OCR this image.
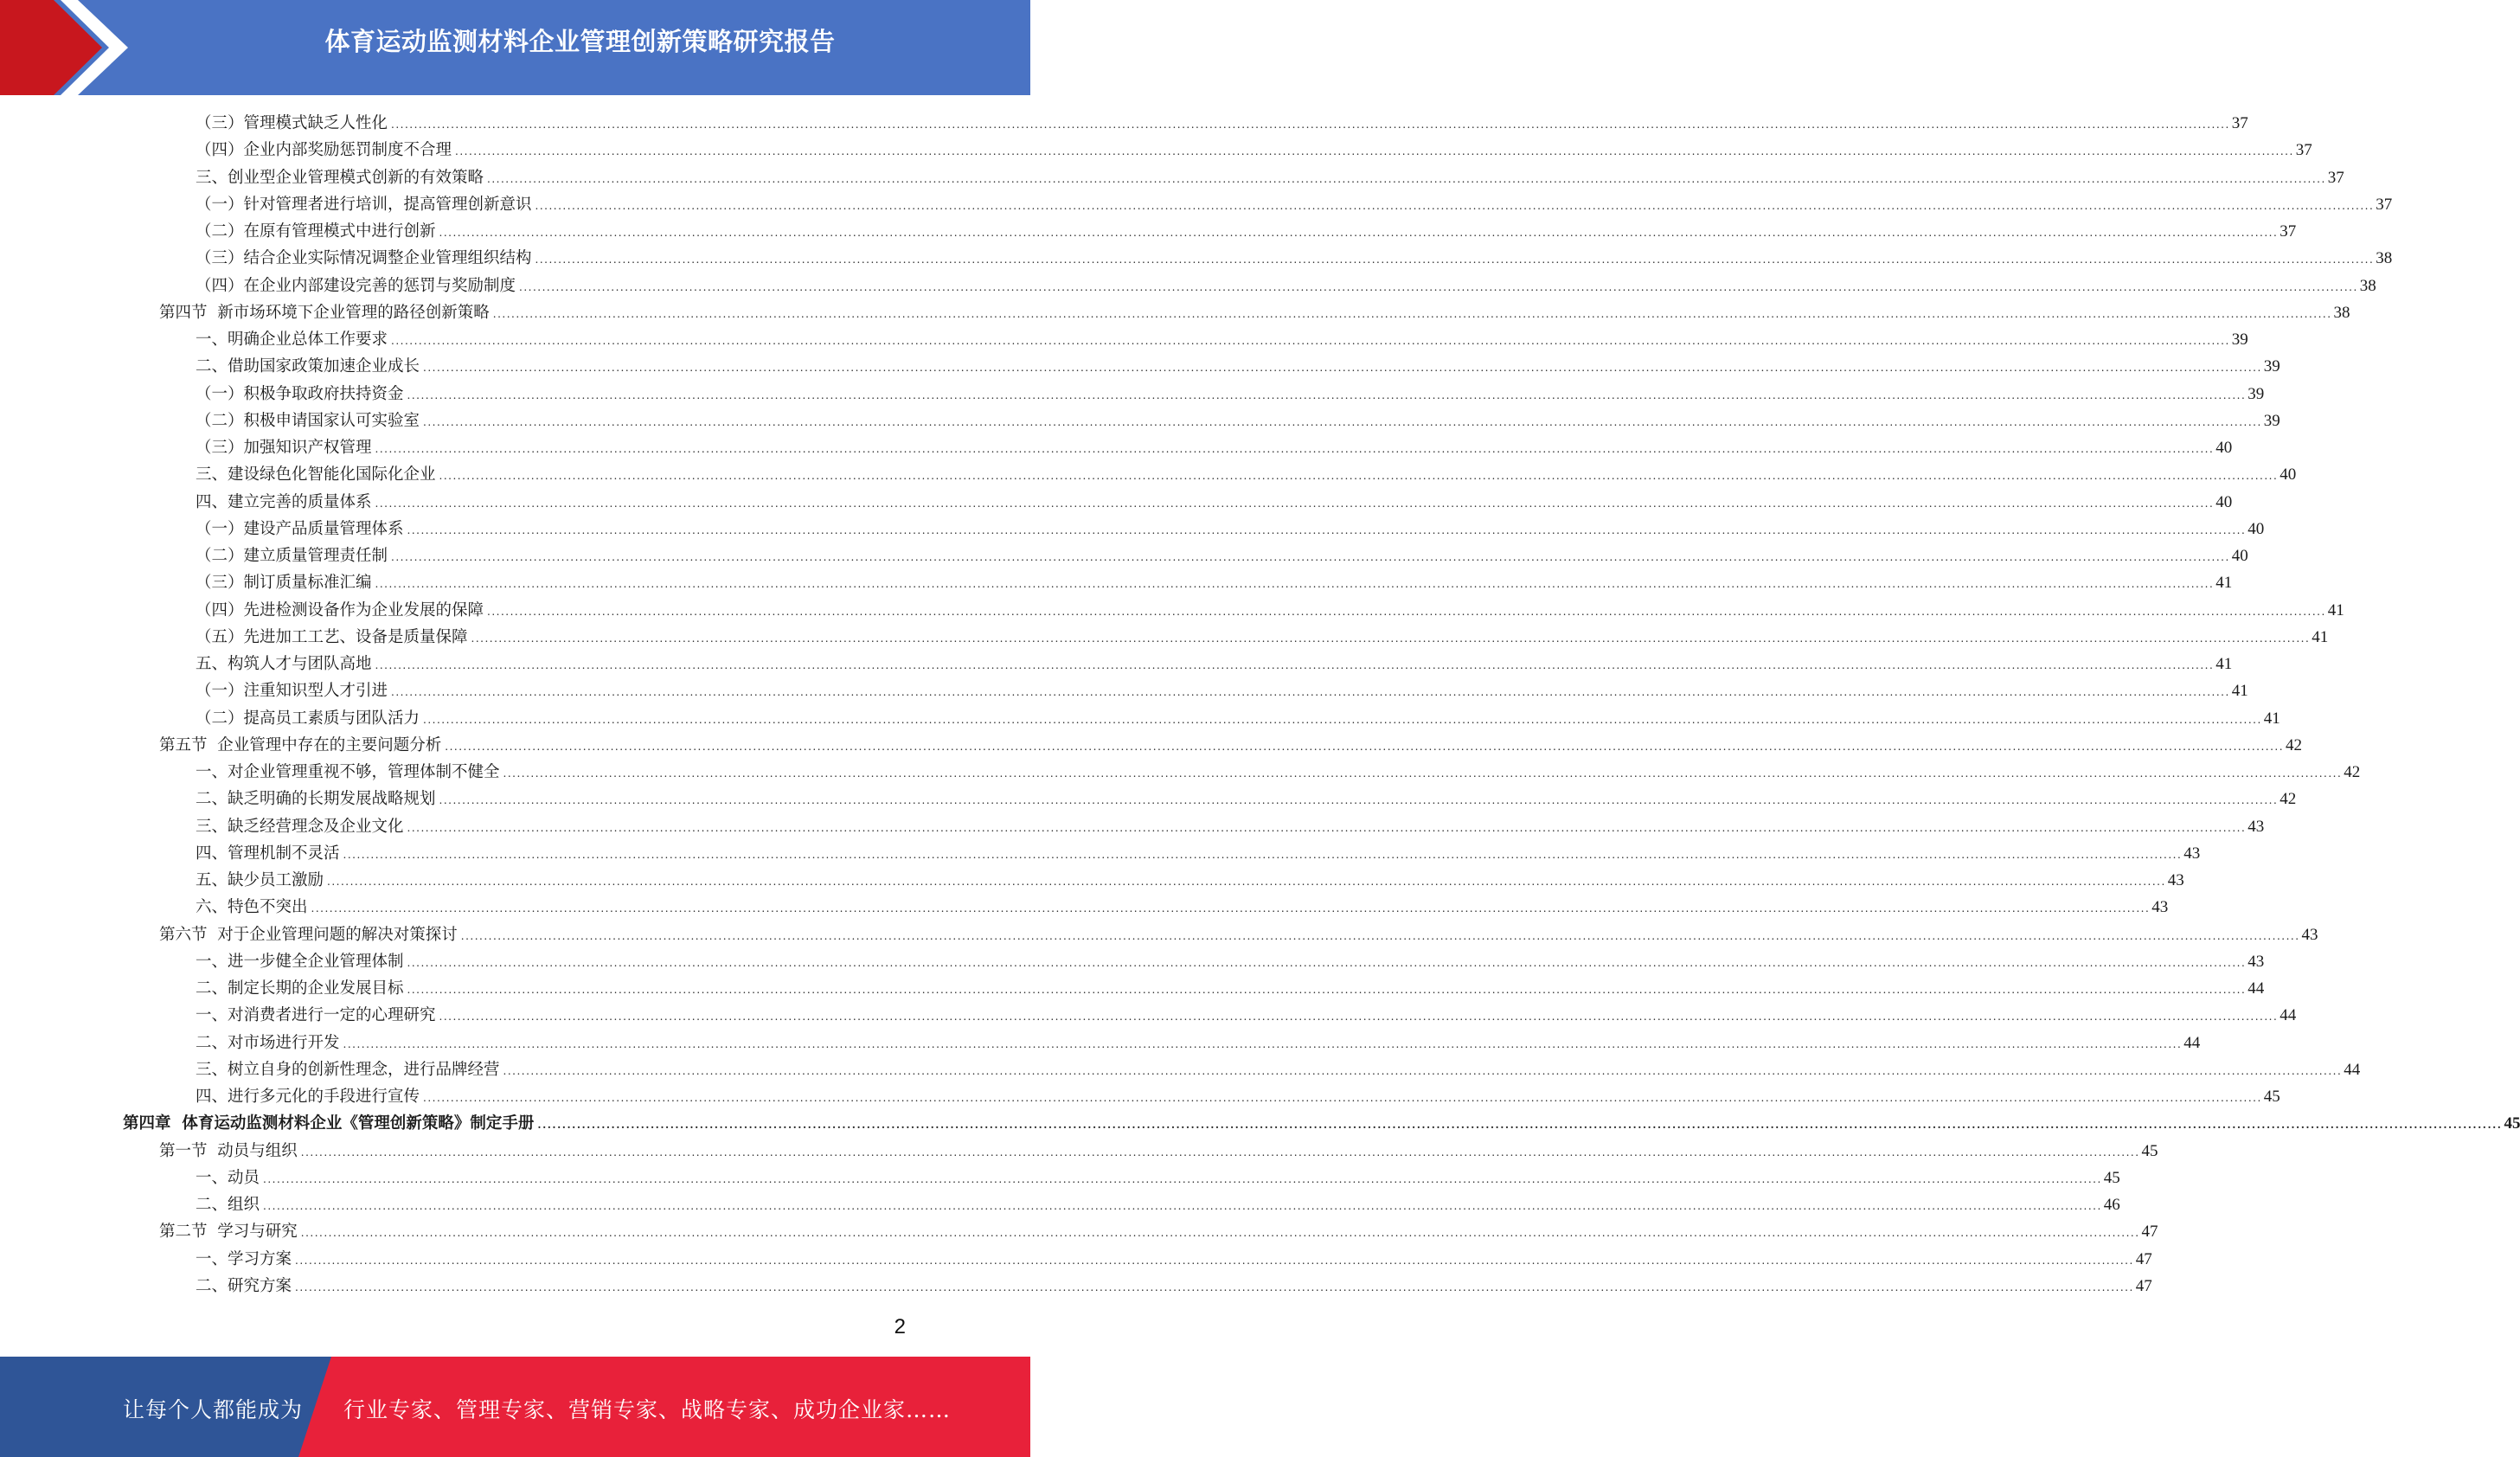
体育运动监测材料企业管理创新策略研究报告
（三）管理模式缺乏人性化 ................................................................................................................................................................................................................................................................................................................................................................................................................ 37
（四）企业内部奖励惩罚制度不合理 ................................................................................................................................................................................................................................................................................................................................................................................................................ 37
三、创业型企业管理模式创新的有效策略 ................................................................................................................................................................................................................................................................................................................................................................................................................ 37
（一）针对管理者进行培训，提高管理创新意识 ................................................................................................................................................................................................................................................................................................................................................................................................................ 37
（二）在原有管理模式中进行创新 ................................................................................................................................................................................................................................................................................................................................................................................................................ 37
（三）结合企业实际情况调整企业管理组织结构 ................................................................................................................................................................................................................................................................................................................................................................................................................ 38
（四）在企业内部建设完善的惩罚与奖励制度 ................................................................................................................................................................................................................................................................................................................................................................................................................ 38
第四节  新市场环境下企业管理的路径创新策略 ................................................................................................................................................................................................................................................................................................................................................................................................................ 38
一、明确企业总体工作要求 ................................................................................................................................................................................................................................................................................................................................................................................................................ 39
二、借助国家政策加速企业成长 ................................................................................................................................................................................................................................................................................................................................................................................................................ 39
（一）积极争取政府扶持资金 ................................................................................................................................................................................................................................................................................................................................................................................................................ 39
（二）积极申请国家认可实验室 ................................................................................................................................................................................................................................................................................................................................................................................................................ 39
（三）加强知识产权管理 ................................................................................................................................................................................................................................................................................................................................................................................................................ 40
三、建设绿色化智能化国际化企业 ................................................................................................................................................................................................................................................................................................................................................................................................................ 40
四、建立完善的质量体系 ................................................................................................................................................................................................................................................................................................................................................................................................................ 40
（一）建设产品质量管理体系 ................................................................................................................................................................................................................................................................................................................................................................................................................ 40
（二）建立质量管理责任制 ................................................................................................................................................................................................................................................................................................................................................................................................................ 40
（三）制订质量标准汇编 ................................................................................................................................................................................................................................................................................................................................................................................................................ 41
（四）先进检测设备作为企业发展的保障 ................................................................................................................................................................................................................................................................................................................................................................................................................ 41
（五）先进加工工艺、设备是质量保障 ................................................................................................................................................................................................................................................................................................................................................................................................................ 41
五、构筑人才与团队高地 ................................................................................................................................................................................................................................................................................................................................................................................................................ 41
（一）注重知识型人才引进 ................................................................................................................................................................................................................................................................................................................................................................................................................ 41
（二）提高员工素质与团队活力 ................................................................................................................................................................................................................................................................................................................................................................................................................ 41
第五节  企业管理中存在的主要问题分析 ................................................................................................................................................................................................................................................................................................................................................................................................................ 42
一、对企业管理重视不够，管理体制不健全 ................................................................................................................................................................................................................................................................................................................................................................................................................ 42
二、缺乏明确的长期发展战略规划 ................................................................................................................................................................................................................................................................................................................................................................................................................ 42
三、缺乏经营理念及企业文化 ................................................................................................................................................................................................................................................................................................................................................................................................................ 43
四、管理机制不灵活 ................................................................................................................................................................................................................................................................................................................................................................................................................ 43
五、缺少员工激励 ................................................................................................................................................................................................................................................................................................................................................................................................................ 43
六、特色不突出 ................................................................................................................................................................................................................................................................................................................................................................................................................ 43
第六节  对于企业管理问题的解决对策探讨 ................................................................................................................................................................................................................................................................................................................................................................................................................ 43
一、进一步健全企业管理体制 ................................................................................................................................................................................................................................................................................................................................................................................................................ 43
二、制定长期的企业发展目标 ................................................................................................................................................................................................................................................................................................................................................................................................................ 44
一、对消费者进行一定的心理研究 ................................................................................................................................................................................................................................................................................................................................................................................................................ 44
二、对市场进行开发 ................................................................................................................................................................................................................................................................................................................................................................................................................ 44
三、树立自身的创新性理念，进行品牌经营 ................................................................................................................................................................................................................................................................................................................................................................................................................ 44
四、进行多元化的手段进行宣传 ................................................................................................................................................................................................................................................................................................................................................................................................................ 45
第四章  体育运动监测材料企业《管理创新策略》制定手册 ................................................................................................................................................................................................................................................................................................................................................................................................................ 45
第一节  动员与组织 ................................................................................................................................................................................................................................................................................................................................................................................................................ 45
一、动员 ................................................................................................................................................................................................................................................................................................................................................................................................................ 45
二、组织 ................................................................................................................................................................................................................................................................................................................................................................................................................ 46
第二节  学习与研究 ................................................................................................................................................................................................................................................................................................................................................................................................................ 47
一、学习方案 ................................................................................................................................................................................................................................................................................................................................................................................................................ 47
二、研究方案 ................................................................................................................................................................................................................................................................................................................................................................................................................ 47
2
让每个人都能成为 行业专家、管理专家、营销专家、战略专家、成功企业家……
